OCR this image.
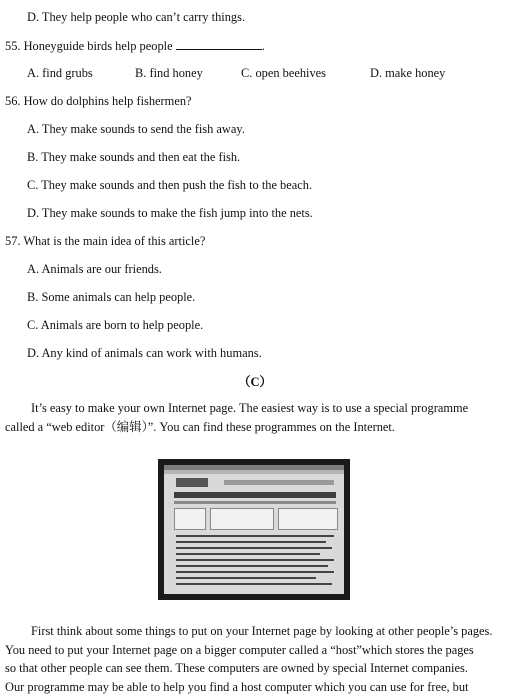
D. They help people who can’t carry things.
55. Honeyguide birds help people	.
A. find grubs	B. find honey	C. open beehives	D. make honey
56. How do dolphins help fishermen?
A. They make sounds to send the fish away.
B. They make sounds and then eat the fish.
C. They make sounds and then push the fish to the beach.
D. They make sounds to make the fish jump into the nets.
57. What is the main idea of this article?
A. Animals are our friends.
B. Some animals can help people.
C. Animals are born to help people.
D. Any kind of animals can work with humans.
（C）
It’s easy to make your own Internet page. The easiest way is to use a special programme
called a “web editor（编辑）”. You can find these programmes on the Internet.
First think about some things to put on your Internet page by looking at other people’s pages.
You need to put your Internet page on a bigger computer called a “host”which stores the pages
so that other people can see them. These computers are owned by special Internet companies.
Our programme may be able to help you find a host computer which you can use for free, but
